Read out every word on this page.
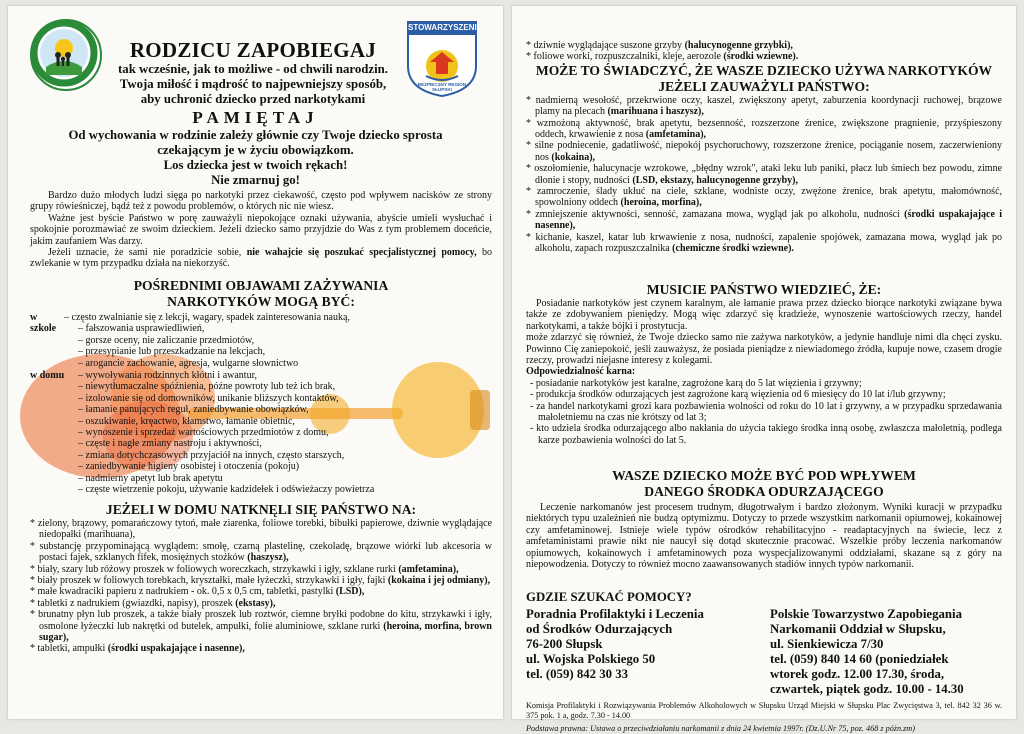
STOWARZYSZENIE
BEZPIECZNY REGION SŁUPSKI

RODZICU ZAPOBIEGAJ

tak wcześnie, jak to możliwe - od chwili narodzin.

Twoja miłość i mądrość to najpewniejszy sposób,

aby uchronić dziecko przed narkotykami

PAMIĘTAJ

Od wychowania w rodzinie zależy głównie czy Twoje dziecko sprosta

czekającym je w życiu obowiązkom.

Los dziecka jest w twoich rękach!

Nie zmarnuj go!

Bardzo dużo młodych ludzi sięga po narkotyki przez ciekawość, często pod wpływem nacisków ze strony grupy rówieśniczej, bądź też z powodu problemów, o których nic nie wiesz.

Ważne jest byście Państwo w porę zauważyli niepokojące oznaki używania, abyście umieli wysłuchać i spokojnie porozmawiać ze swoim dzieckiem. Jeżeli dziecko samo przyjdzie do Was z tym problemem doceńcie, jakim zaufaniem Was darzy.

Jeżeli uznacie, że sami nie poradzicie sobie, nie wahajcie się poszukać specjalistycznej pomocy, bo zwlekanie w tym przypadku działa na niekorzyść.

POŚREDNIMI OBJAWAMI ZAŻYWANIA

NARKOTYKÓW MOGĄ BYĆ:

w szkole

– często zwalnianie się z lekcji, wagary, spadek zainteresowania nauką,

– fałszowania usprawiedliwień,

– gorsze oceny, nie zaliczanie przedmiotów,

– przesypianie lub przeszkadzanie na lekcjach,

– arogancie zachowanie, agresja, wulgarne słownictwo

w domu	– wywoływania rodzinnych kłótni i awantur,

– niewytłumaczalne spóźnienia, późne powroty lub też ich brak,

– izolowanie się od domowników, unikanie bliższych kontaktów,

– łamanie panujących reguł, zaniedbywanie obowiązków,

– oszukiwanie, kręactwo, kłamstwo, łamanie obietnic,

– wynoszenie i sprzedaż wartościowych przedmiotów z domu,

– częste i nagłe zmiany nastroju i aktywności,

– zmiana dotychczasowych przyjaciół na innych, często starszych,

– zaniedbywanie higieny osobistej i otoczenia (pokoju)

– nadmierny apetyt lub brak apetytu

– częste wietrzenie pokoju, używanie kadzidełek i odświeżaczy powietrza

JEŻELI W DOMU NATKNĘLI SIĘ PAŃSTWO NA:

* zielony, brązowy, pomarańczowy tytoń, małe ziarenka, foliowe torebki, bibułki papierowe, dziwnie wyglądające niedopałki (marihuana),

* substancję przypominającą wyglądem: smołę, czarną plastelinę, czekoladę, brązowe wiórki lub akcesoria w postaci fajek, szklanych fifek, mosiężnych stożków (haszysz),

* biały, szary lub różowy proszek w foliowych woreczkach, strzykawki i igły, szklane rurki (amfetamina),

* biały proszek w foliowych torebkach, kryształki, małe łyżeczki, strzykawki i igły, fajki (kokaina i jej odmiany),

* małe kwadraciki papieru z nadrukiem - ok. 0,5 x 0,5 cm, tabletki, pastylki (LSD),

* tabletki z nadrukiem (gwiazdki, napisy), proszek (ekstasy),

* brunatny płyn lub proszek, a także biały proszek lub roztwór, ciemne bryłki podobne do kitu, strzykawki i igły, osmolone łyżeczki lub nakrętki od butelek, ampułki, folie aluminiowe, szklane rurki (heroina, morfina, brown sugar),

* tabletki, ampułki (środki uspakajające i nasenne),

* dziwnie wyglądające suszone grzyby (halucynogenne grzybki),

* foliowe worki, rozpuszczalniki, kleje, aerozole (środki wziewne).

MOŻE TO ŚWIADCZYĆ, ŻE WASZE DZIECKO UŻYWA NARKOTYKÓW

JEŻELI ZAUWAŻYLI PAŃSTWO:

* nadmierną wesołość, przekrwione oczy, kaszel, zwiększony apetyt, zaburzenia koordynacji ruchowej, brązowe plamy na plecach (marihuana i haszysz),

* wzmożoną aktywność, brak apetytu, bezsenność, rozszerzone źrenice, zwiększone pragnienie, przyśpieszony oddech, krwawienie z nosa (amfetamina),

* silne podniecenie, gadatliwość, niepokój psychoruchowy, rozszerzone źrenice, pociąganie nosem, zaczerwieniony nos (kokaina),

* oszołomienie, halucynacje wzrokowe, „błędny wzrok", ataki leku lub paniki, płacz lub śmiech bez powodu, zimne dłonie i stopy, nudności (LSD, ekstazy, halucynogenne grzyby),

* zamroczenie, ślady ukłuć na ciele, szklane, wodniste oczy, zwężone źrenice, brak apetytu, małomówność, spowolniony oddech (heroina, morfina),

* zmniejszenie aktywności, senność, zamazana mowa, wygląd jak po alkoholu, nudności (środki uspakajające i nasenne),

* kichanie, kaszel, katar lub krwawienie z nosa, nudności, zapalenie spojówek, zamazana mowa, wygląd jak po alkoholu, zapach rozpuszczalnika (chemiczne środki wziewne).

MUSICIE PAŃSTWO WIEDZIEĆ, ŻE:

Posiadanie narkotyków jest czynem karalnym, ale łamanie prawa przez dziecko biorące narkotyki związane bywa także ze zdobywaniem pieniędzy. Mogą więc zdarzyć się kradzieże, wynoszenie wartościowych rzeczy, handel narkotykami, a także bójki i prostytucja.

może zdarzyć się również, że Twoje dziecko samo nie zażywa narkotyków, a jedynie handluje nimi dla chęci zysku. Powinno Cię zaniepokoić, jeśli zauważysz, że posiada pieniądze z niewiadomego źródła, kupuje nowe, czasem drogie rzeczy, prowadzi niejasne interesy z kolegami.

Odpowiedzialność karna:

- posiadanie narkotyków jest karalne, zagrożone karą do 5 lat więzienia i grzywny;

- produkcja środków odurzających jest zagrożone karą więzienia od 6 miesięcy do 10 lat i/lub grzywny;

- za handel narkotykami grozi kara pozbawienia wolności od roku do 10 lat i grzywny, a w przypadku sprzedawania małoletniemu na czas nie krótszy od lat 3;

- kto udziela środka odurzającego albo nakłania do użycia takiego środka inną osobę, zwłaszcza małoletnią, podlega karze pozbawienia wolności do lat 5.

WASZE DZIECKO MOŻE BYĆ POD WPŁYWEM

DANEGO ŚRODKA ODURZAJĄCEGO

Leczenie narkomanów jest procesem trudnym, długotrwałym i bardzo złożonym. Wyniki kuracji w przypadku niektórych typu uzależnień nie budzą optymizmu. Dotyczy to przede wszystkim narkomanii opiumowej, kokainowej czy amfetaminowej. Istnieje wiele typów ośrodków rehabilitacyjno - readaptacyjnych na świecie, lecz z amfetaministami prawie nikt nie naucył się dotąd skutecznie pracować. Wszelkie próby leczenia narkomanów opiumowych, kokainowych i amfetaminowych poza wyspecjalizowanymi oddziałami, skazane są z góry na niepowodzenia. Dotyczy to również mocno zaawansowanych stadiów innych typów narkomanii.

GDZIE SZUKAĆ POMOCY?

Poradnia Profilaktyki i Leczenia

od Środków Odurzających

76-200 Słupsk

ul. Wojska Polskiego 50

tel. (059) 842 30 33

Polskie Towarzystwo Zapobiegania

Narkomanii Oddział w Słupsku,

ul. Sienkiewicza 7/30

tel. (059) 840 14 60 (poniedziałek

wtorek godz. 12.00 17.30, środa,

czwartek, piątek godz. 10.00 - 14.30

Komisja Profilaktyki i Rozwiązywania Problemów Alkoholowych w Słupsku Urząd Miejski w Słupsku Plac Zwycięstwa 3, tel. 842 32 36 w. 375 pok. 1 a, godz. 7.30 - 14.00

Podstawa prawna: Ustawa o przeciwdziałaniu narkomanii z dnia 24 kwietnia 1997r. (Dz.U.Nr 75, poz. 468 z póżn.zm)
